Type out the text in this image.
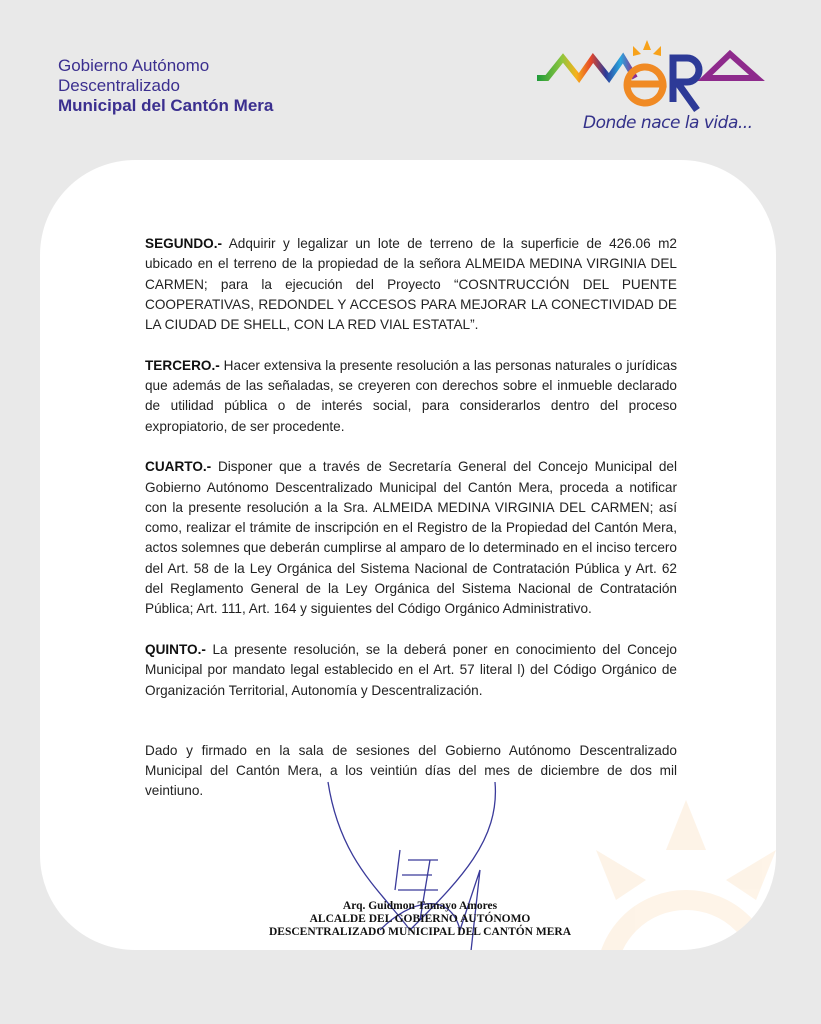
Gobierno Autónomo
Descentralizado
Municipal del Cantón Mera
Donde nace la vida...

SEGUNDO.- Adquirir y legalizar un lote de terreno de la superficie de 426.06 m2 ubicado en el terreno de la propiedad de la señora ALMEIDA MEDINA VIRGINIA DEL CARMEN; para la ejecución del Proyecto “COSNTRUCCIÓN DEL PUENTE COOPERATIVAS, REDONDEL Y ACCESOS PARA MEJORAR LA CONECTIVIDAD DE LA CIUDAD DE SHELL, CON LA RED VIAL ESTATAL”.

TERCERO.- Hacer extensiva la presente resolución a las personas naturales o jurídicas que además de las señaladas, se creyeren con derechos sobre el inmueble declarado de utilidad pública o de interés social, para considerarlos dentro del proceso expropiatorio, de ser procedente.

CUARTO.- Disponer que a través de Secretaría General del Concejo Municipal del Gobierno Autónomo Descentralizado Municipal del Cantón Mera, proceda a notificar con la presente resolución a la Sra. ALMEIDA MEDINA VIRGINIA DEL CARMEN; así como, realizar el trámite de inscripción en el Registro de la Propiedad del Cantón Mera, actos solemnes que deberán cumplirse al amparo de lo determinado en el inciso tercero del Art. 58 de la Ley Orgánica del Sistema Nacional de Contratación Pública y Art. 62 del Reglamento General de la Ley Orgánica del Sistema Nacional de Contratación Pública; Art. 111, Art. 164 y siguientes del Código Orgánico Administrativo.

QUINTO.- La presente resolución, se la deberá poner en conocimiento del Concejo Municipal por mandato legal establecido en el Art. 57 literal l) del Código Orgánico de Organización Territorial, Autonomía y Descentralización.

Dado y firmado en la sala de sesiones del Gobierno Autónomo Descentralizado Municipal del Cantón Mera, a los veintiún días del mes de diciembre de dos mil veintiuno.

Arq. Guidmon Tamayo Amores
ALCALDE DEL GOBIERNO AUTÓNOMO
DESCENTRALIZADO MUNICIPAL DEL CANTÓN MERA
